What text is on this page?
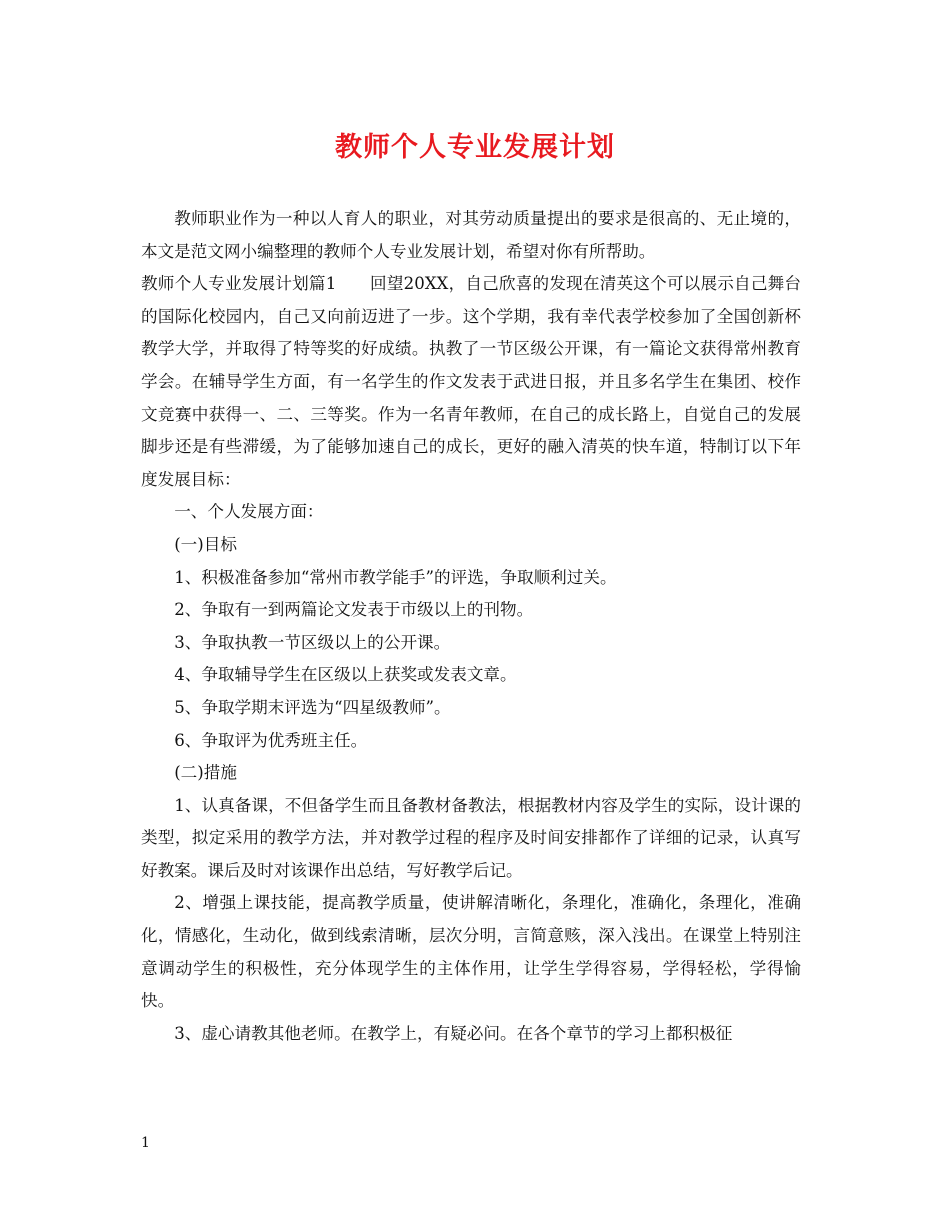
教师个人专业发展计划

教师职业作为一种以人育人的职业，对其劳动质量提出的要求是很高的、无止境的，本文是范文网小编整理的教师个人专业发展计划，希望对你有所帮助。

教师个人专业发展计划篇1　　回望20XX，自己欣喜的发现在清英这个可以展示自己舞台的国际化校园内，自己又向前迈进了一步。这个学期，我有幸代表学校参加了全国创新杯教学大学，并取得了特等奖的好成绩。执教了一节区级公开课，有一篇论文获得常州教育学会。在辅导学生方面，有一名学生的作文发表于武进日报，并且多名学生在集团、校作文竞赛中获得一、二、三等奖。作为一名青年教师，在自己的成长路上，自觉自己的发展脚步还是有些滞缓，为了能够加速自己的成长，更好的融入清英的快车道，特制订以下年度发展目标：

一、个人发展方面：

(一)目标

1、积极准备参加“常州市教学能手”的评选，争取顺利过关。

2、争取有一到两篇论文发表于市级以上的刊物。

3、争取执教一节区级以上的公开课。

4、争取辅导学生在区级以上获奖或发表文章。

5、争取学期末评选为“四星级教师”。

6、争取评为优秀班主任。

(二)措施

1、认真备课，不但备学生而且备教材备教法，根据教材内容及学生的实际，设计课的类型，拟定采用的教学方法，并对教学过程的程序及时间安排都作了详细的记录，认真写好教案。课后及时对该课作出总结，写好教学后记。

2、增强上课技能，提高教学质量，使讲解清晰化，条理化，准确化，条理化，准确化，情感化，生动化，做到线索清晰，层次分明，言简意赅，深入浅出。在课堂上特别注意调动学生的积极性，充分体现学生的主体作用，让学生学得容易，学得轻松，学得愉快。

3、虚心请教其他老师。在教学上，有疑必问。在各个章节的学习上都积极征

1
